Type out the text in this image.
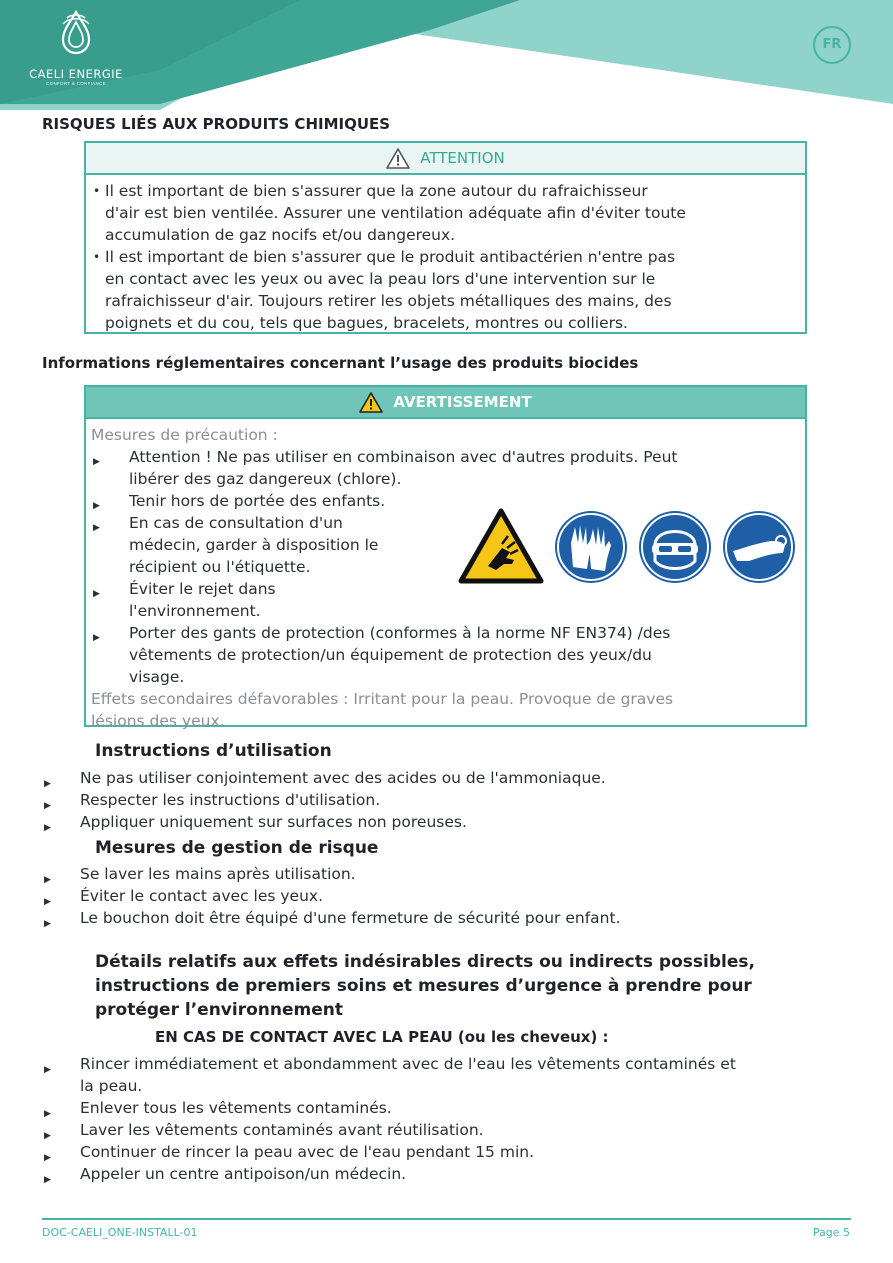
CAELI ENERGIE
CONFORT & CONFIANCE
FR
RISQUES LIÉS AUX PRODUITS CHIMIQUES
ATTENTION
• Il est important de bien s'assurer que la zone autour du rafraichisseur
d'air est bien ventilée. Assurer une ventilation adéquate afin d'éviter toute
accumulation de gaz nocifs et/ou dangereux.
• Il est important de bien s'assurer que le produit antibactérien n'entre pas
en contact avec les yeux ou avec la peau lors d'une intervention sur le
rafraichisseur d'air. Toujours retirer les objets métalliques des mains, des
poignets et du cou, tels que bagues, bracelets, montres ou colliers.
Informations réglementaires concernant l’usage des produits biocides
AVERTISSEMENT
Mesures de précaution :
▶ Attention ! Ne pas utiliser en combinaison avec d'autres produits. Peut
libérer des gaz dangereux (chlore).
▶ Tenir hors de portée des enfants.
▶ En cas de consultation d'un
médecin, garder à disposition le
récipient ou l'étiquette.
▶ Éviter le rejet dans
l'environnement.
▶ Porter des gants de protection (conformes à la norme NF EN374) /des
vêtements de protection/un équipement de protection des yeux/du
visage.
Effets secondaires défavorables : Irritant pour la peau. Provoque de graves
lésions des yeux.
Instructions d’utilisation
▶ Ne pas utiliser conjointement avec des acides ou de l'ammoniaque.
▶ Respecter les instructions d'utilisation.
▶ Appliquer uniquement sur surfaces non poreuses.
Mesures de gestion de risque
▶ Se laver les mains après utilisation.
▶ Éviter le contact avec les yeux.
▶ Le bouchon doit être équipé d'une fermeture de sécurité pour enfant.
Détails relatifs aux effets indésirables directs ou indirects possibles,
instructions de premiers soins et mesures d’urgence à prendre pour
protéger l’environnement
EN CAS DE CONTACT AVEC LA PEAU (ou les cheveux) :
▶ Rincer immédiatement et abondamment avec de l'eau les vêtements contaminés et
la peau.
▶ Enlever tous les vêtements contaminés.
▶ Laver les vêtements contaminés avant réutilisation.
▶ Continuer de rincer la peau avec de l'eau pendant 15 min.
▶ Appeler un centre antipoison/un médecin.
DOC-CAELI_ONE-INSTALL-01	Page 5
